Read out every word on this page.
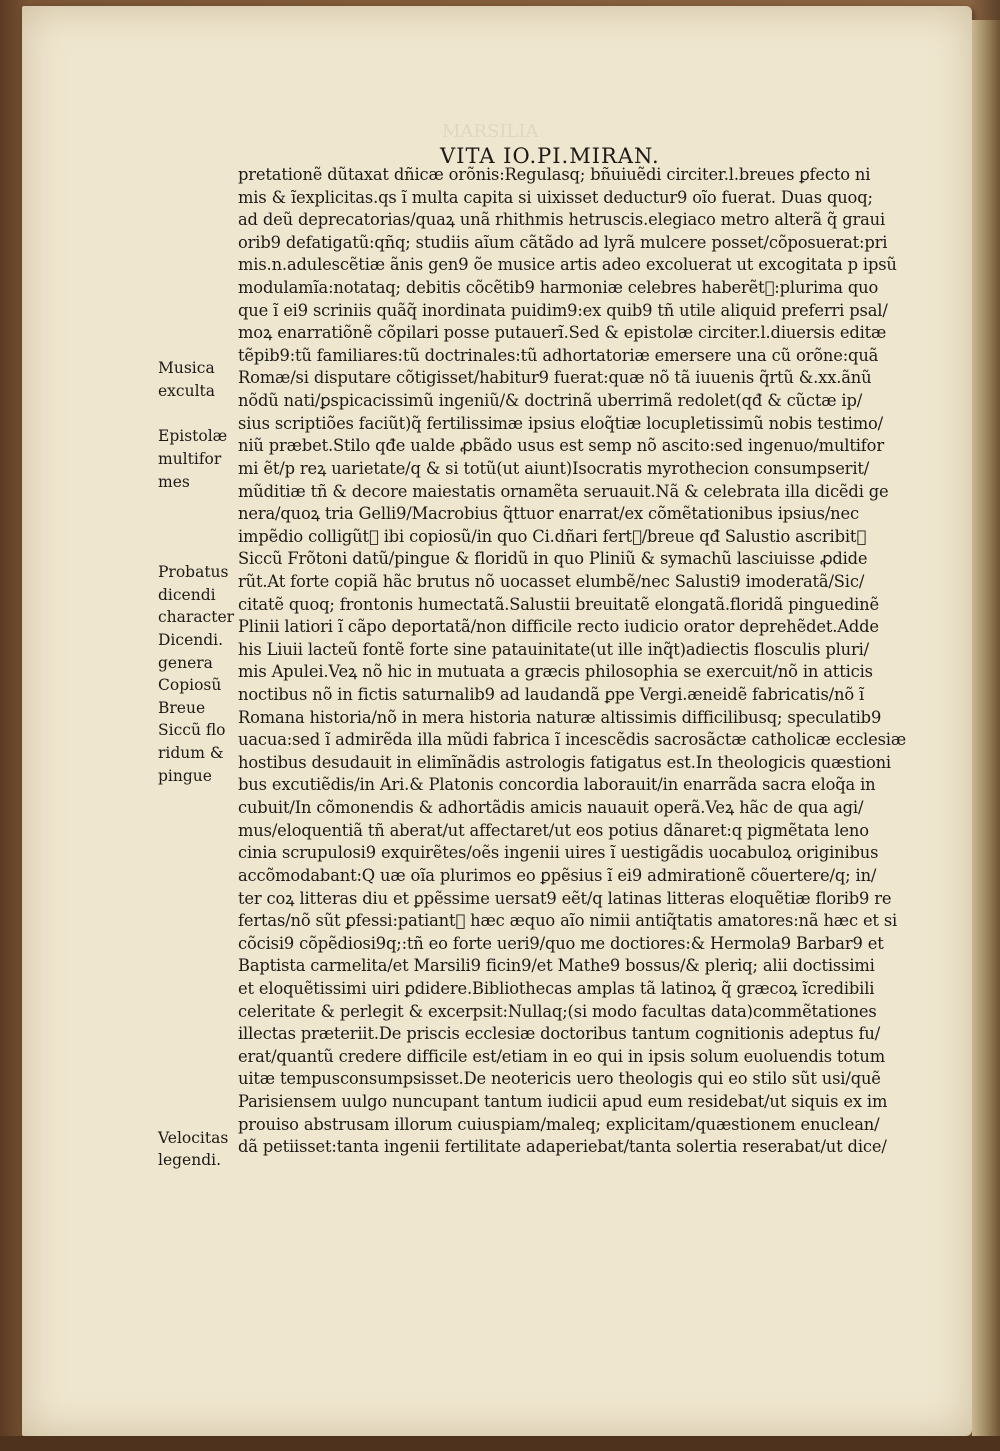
VITA IO.PI.MIRAN.
Musica
exculta
Epistolæ
multifor
mes
Probatus
dicendi
character
Dicendi.
genera
Copiosũ
Breue
Siccũ flo
ridum &
pingue
Velocitas
legendi.
pretationẽ dũtaxat dñicæ orõnis:Regulasq; bñuiuẽdi circiter.l.breues ꝑfecto ni
mis & ĩexplicitas.qs ĩ multa capita si uixisset deductur9 oĩo fuerat. Duas quoq;
ad deũ deprecatorias/quaꝝ unã rhithmis hetruscis.elegiaco metro alterã q̃ graui
orib9 defatigatũ:qñq; studiis aĩum cãtãdo ad lyrã mulcere posset/cõposuerat:pri
mis.n.adulescẽtiæ ãnis gen9 õe musice artis adeo excoluerat ut excogitata p ipsũ
modulamĩa:notataq; debitis cõcẽtib9 harmoniæ celebres haberẽtᷣ:plurima quo
que ĩ ei9 scriniis quãq̃ inordinata puidim9:ex quib9 tñ utile aliquid preferri psal/
moꝝ enarratiõnẽ cõpilari posse putauerĩ.Sed & epistolæ circiter.l.diuersis editæ
tẽpib9:tũ familiares:tũ doctrinales:tũ adhortatoriæ emersere una cũ orõne:quã
Romæ/si disputare cõtigisset/habitur9 fuerat:quæ nõ tã iuuenis q̃rtũ &.xx.ãnũ
nõdũ nati/ꝑspicacissimũ ingeniũ/& doctrinã uberrimã redolet(qđ & cũctæ ip/
sius scriptiões faciũt)q̃ fertilissimæ ipsius eloq̃tiæ locupletissimũ nobis testimo/
niũ præbet.Stilo qđe ualde ꝓbãdo usus est semp nõ ascito:sed ingenuo/multifor
mi ẽt/p reꝝ uarietate/q & si totũ(ut aiunt)Isocratis myrothecion consumpserit/
mũditiæ tñ & decore maiestatis ornamẽta seruauit.Nã & celebrata illa dicẽdi ge
nera/quoꝝ tria Gelli9/Macrobius q̃ttuor enarrat/ex cõmẽtationibus ipsius/nec
impẽdio colligũtᷣ ibi copiosũ/in quo Ci.dñari fertᷣ/breue qđ Salustio ascribitᷣ
Siccũ Frõtoni datũ/pingue & floridũ in quo Pliniũ & symachũ lasciuisse ꝓdide
rũt.At forte copiã hãc brutus nõ uocasset elumbẽ/nec Salusti9 imoderatã/Sic/
citatẽ quoq; frontonis humectatã.Salustii breuitatẽ elongatã.floridã pinguedinẽ
Plinii latiori ĩ cãpo deportatã/non difficile recto iudicio orator deprehẽdet.Adde
his Liuii lacteũ fontẽ forte sine patauinitate(ut ille inq̃t)adiectis flosculis pluri/
mis Apulei.Veꝝ nõ hic in mutuata a græcis philosophia se exercuit/nõ in atticis
noctibus nõ in fictis saturnalib9 ad laudandã ꝑpe Vergi.æneidẽ fabricatis/nõ ĩ
Romana historia/nõ in mera historia naturæ altissimis difficilibusq; speculatib9
uacua:sed ĩ admirẽda illa mũdi fabrica ĩ incescẽdis sacrosãctæ catholicæ ecclesiæ
hostibus desudauit in elimĩnãdis astrologis fatigatus est.In theologicis quæstioni
bus excutiẽdis/in Ari.& Platonis concordia laborauit/in enarrãda sacra eloq̃a in
cubuit/In cõmonendis & adhortãdis amicis nauauit operã.Veꝝ hãc de qua agi/
mus/eloquentiã tñ aberat/ut affectaret/ut eos potius dãnaret:q pigmẽtata leno
cinia scrupulosi9 exquirẽtes/oẽs ingenii uires ĩ uestigãdis uocabuloꝝ originibus
accõmodabant:Q uæ oĩa plurimos eo ꝑpẽsius ĩ ei9 admirationẽ cõuertere/q; in/
ter coꝝ litteras diu et ꝑpẽssime uersat9 eẽt/q latinas litteras eloquẽtiæ florib9 re
fertas/nõ sũt ꝑfessi:patiantᷣ hæc æquo aĩo nimii antiq̃tatis amatores:nã hæc et si
cõcisi9 cõpẽdiosi9q;:tñ eo forte ueri9/quo me doctiores:& Hermola9 Barbar9 et
Baptista carmelita/et Marsili9 ficin9/et Mathe9 bossus/& pleriq; alii doctissimi
et eloquẽtissimi uiri ꝑdidere.Bibliothecas amplas tã latinoꝝ q̃ græcoꝝ ĩcredibili
celeritate & perlegit & excerpsit:Nullaq;(si modo facultas data)commẽtationes
illectas præteriit.De priscis ecclesiæ doctoribus tantum cognitionis adeptus fu/
erat/quantũ credere difficile est/etiam in eo qui in ipsis solum euoluendis totum
uitæ tempusconsumpsisset.De neotericis uero theologis qui eo stilo sũt usi/quẽ
Parisiensem uulgo nuncupant tantum iudicii apud eum residebat/ut siquis ex im
prouiso abstrusam illorum cuiuspiam/maleq; explicitam/quæstionem enuclean/
dã petiisset:tanta ingenii fertilitate adaperiebat/tanta solertia reserabat/ut dice/
